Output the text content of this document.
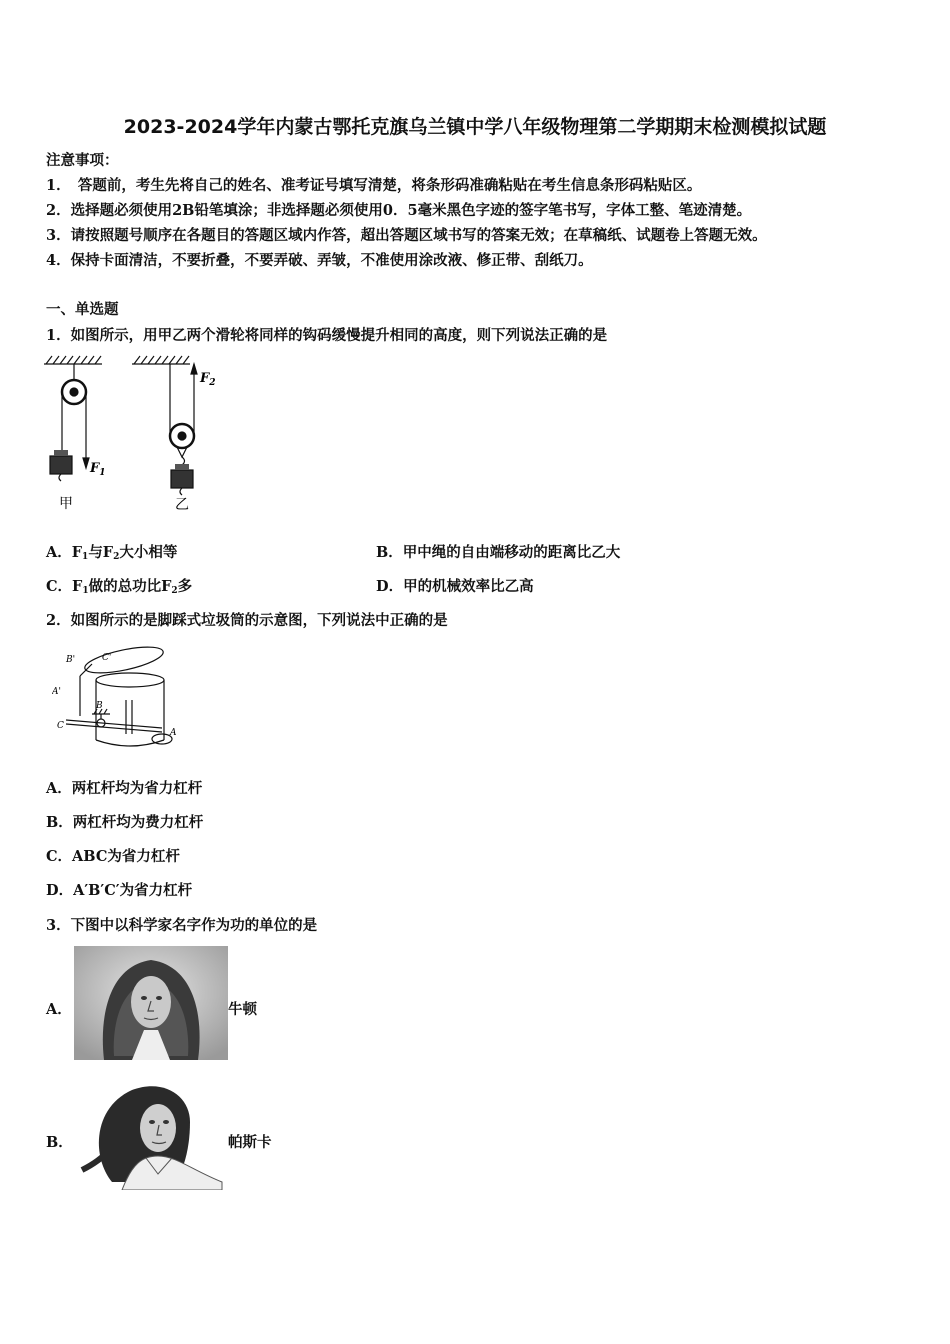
2023-2024学年内蒙古鄂托克旗乌兰镇中学八年级物理第二学期期末检测模拟试题
注意事项：
1．　答题前，考生先将自己的姓名、准考证号填写清楚，将条形码准确粘贴在考生信息条形码粘贴区。
2．选择题必须使用2B铅笔填涂；非选择题必须使用0．5毫米黑色字迹的签字笔书写，字体工整、笔迹清楚。
3．请按照题号顺序在各题目的答题区域内作答，超出答题区域书写的答案无效；在草稿纸、试题卷上答题无效。
4．保持卡面清洁，不要折叠，不要弄破、弄皱，不准使用涂改液、修正带、刮纸刀。
一、单选题
1．如图所示，用甲乙两个滑轮将同样的钩码缓慢提升相同的高度，则下列说法正确的是
$F_1$
$F_2$
甲	乙
A．$F_1$与$F_2$大小相等	B．甲中绳的自由端移动的距离比乙大
C．$F_1$做的总功比$F_2$多	D．甲的机械效率比乙高
2．如图所示的是脚踩式垃圾筒的示意图，下列说法中正确的是
B'	C'
A'
B
C
A
A．两杠杆均为省力杠杆
B．两杠杆均为费力杠杆
C．ABC为省力杠杆
D．A′B′C′为省力杠杆
3．下图中以科学家名字作为功的单位的是
A．	牛顿
B．	帕斯卡
